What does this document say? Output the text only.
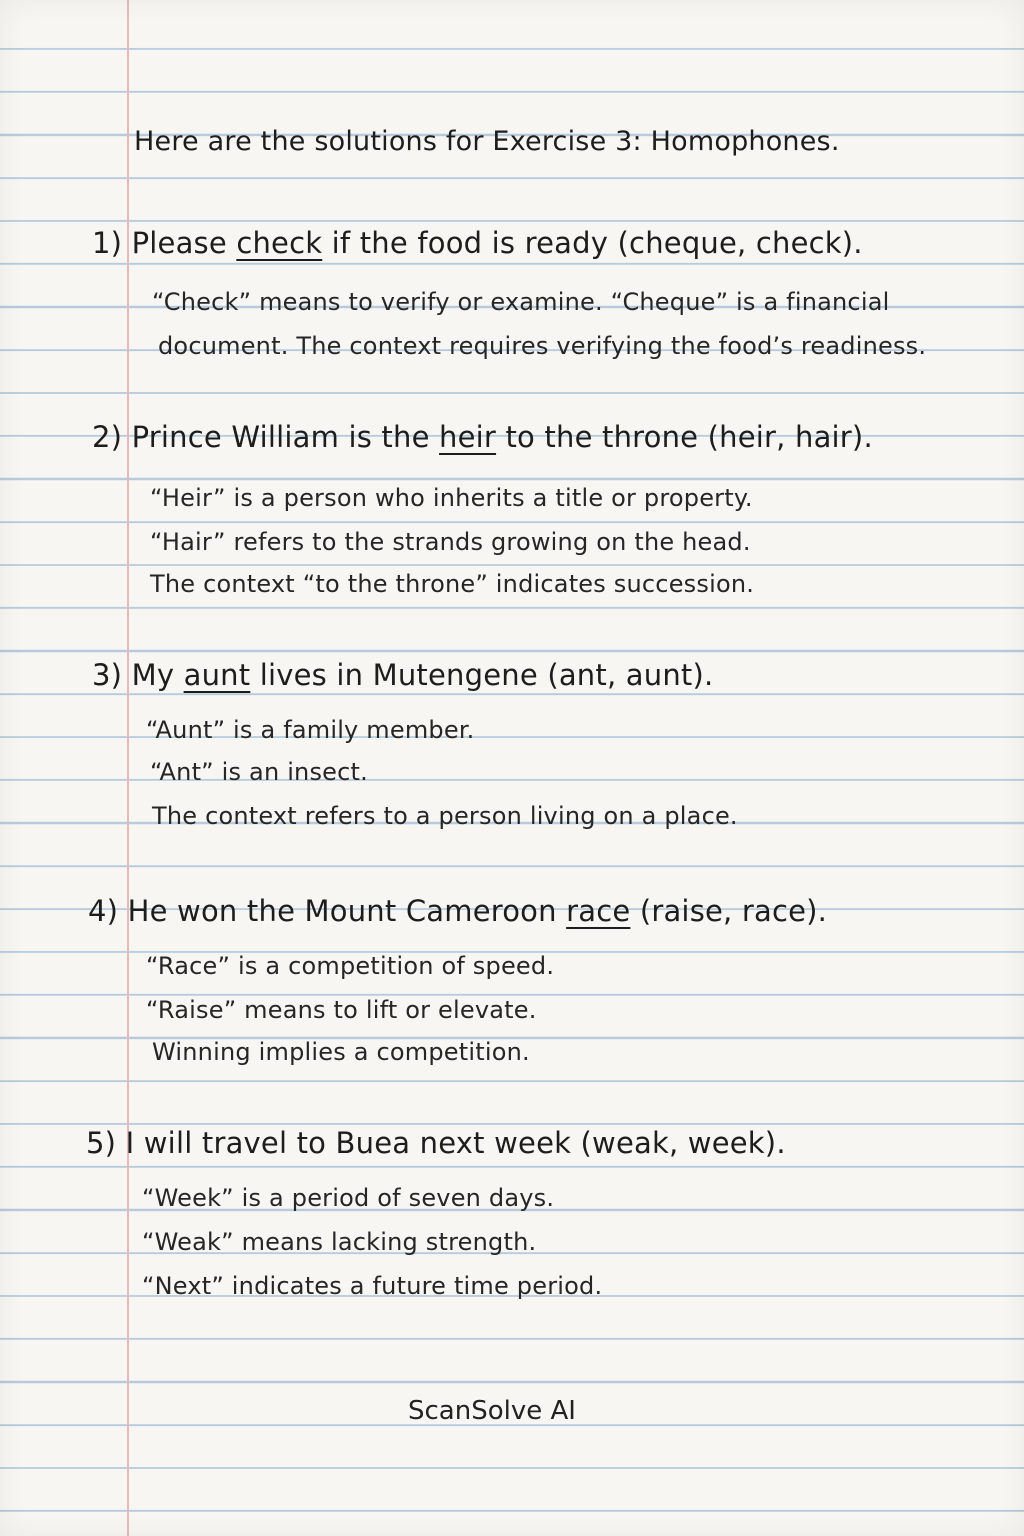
Here are the solutions for Exercise 3: Homophones.
1) Please check if the food is ready (cheque, check).
“Check” means to verify or examine. “Cheque” is a financial
document. The context requires verifying the food’s readiness.
2) Prince William is the heir to the throne (heir, hair).
“Heir” is a person who inherits a title or property.
“Hair” refers to the strands growing on the head.
The context “to the throne” indicates succession.
3) My aunt lives in Mutengene (ant, aunt).
“Aunt” is a family member.
“Ant” is an insect.
The context refers to a person living on a place.
4) He won the Mount Cameroon race (raise, race).
“Race” is a competition of speed.
“Raise” means to lift or elevate.
Winning implies a competition.
5) I will travel to Buea next week (weak, week).
“Week” is a period of seven days.
“Weak” means lacking strength.
“Next” indicates a future time period.
ScanSolve AI
